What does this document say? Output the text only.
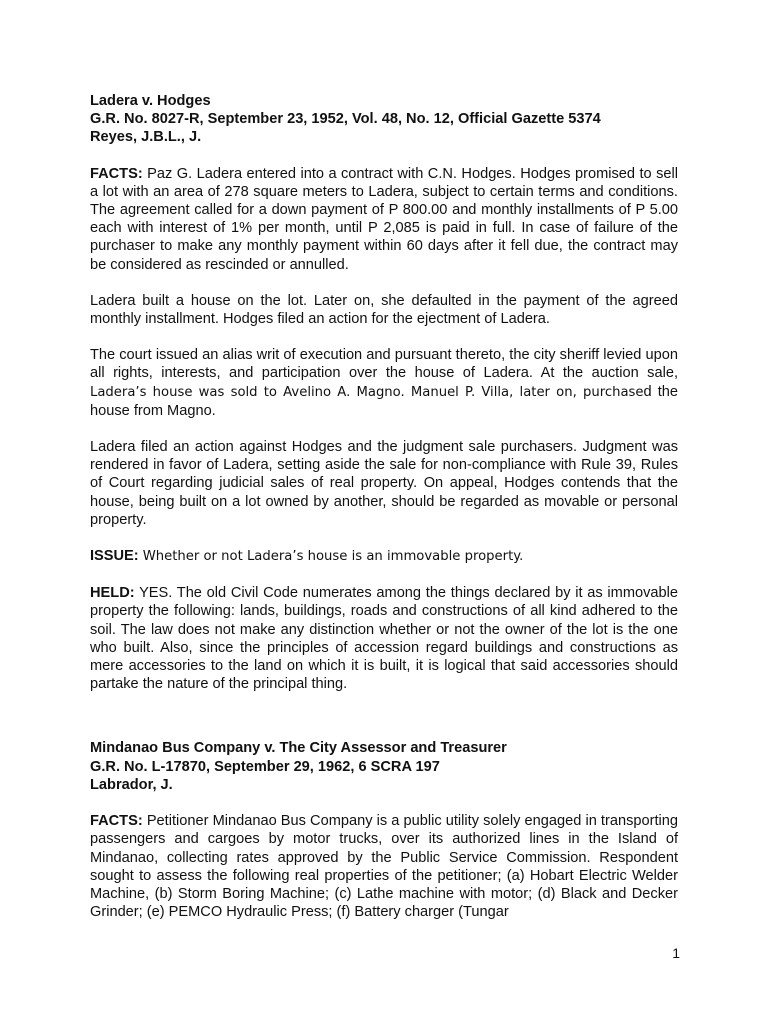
Ladera v. Hodges
G.R. No. 8027-R, September 23, 1952, Vol. 48, No. 12, Official Gazette 5374
Reyes, J.B.L., J.

FACTS: Paz G. Ladera entered into a contract with C.N. Hodges. Hodges promised to sell a lot with an area of 278 square meters to Ladera, subject to certain terms and conditions. The agreement called for a down payment of P 800.00 and monthly installments of P 5.00 each with interest of 1% per month, until P 2,085 is paid in full. In case of failure of the purchaser to make any monthly payment within 60 days after it fell due, the contract may be considered as rescinded or annulled.

Ladera built a house on the lot. Later on, she defaulted in the payment of the agreed monthly installment. Hodges filed an action for the ejectment of Ladera.

The court issued an alias writ of execution and pursuant thereto, the city sheriff levied upon all rights, interests, and participation over the house of Ladera. At the auction sale, Ladera’s house was sold to Avelino A. Magno. Manuel P. Villa, later on, purchased the house from Magno.

Ladera filed an action against Hodges and the judgment sale purchasers. Judgment was rendered in favor of Ladera, setting aside the sale for non-compliance with Rule 39, Rules of Court regarding judicial sales of real property. On appeal, Hodges contends that the house, being built on a lot owned by another, should be regarded as movable or personal property.

ISSUE: Whether or not Ladera’s house is an immovable property.

HELD: YES. The old Civil Code numerates among the things declared by it as immovable property the following: lands, buildings, roads and constructions of all kind adhered to the soil. The law does not make any distinction whether or not the owner of the lot is the one who built. Also, since the principles of accession regard buildings and constructions as mere accessories to the land on which it is built, it is logical that said accessories should partake the nature of the principal thing.

Mindanao Bus Company v. The City Assessor and Treasurer
G.R. No. L-17870, September 29, 1962, 6 SCRA 197
Labrador, J.

FACTS: Petitioner Mindanao Bus Company is a public utility solely engaged in transporting passengers and cargoes by motor trucks, over its authorized lines in the Island of Mindanao, collecting rates approved by the Public Service Commission. Respondent sought to assess the following real properties of the petitioner; (a) Hobart Electric Welder Machine, (b) Storm Boring Machine; (c) Lathe machine with motor; (d) Black and Decker Grinder; (e) PEMCO Hydraulic Press; (f) Battery charger (Tungar

1
